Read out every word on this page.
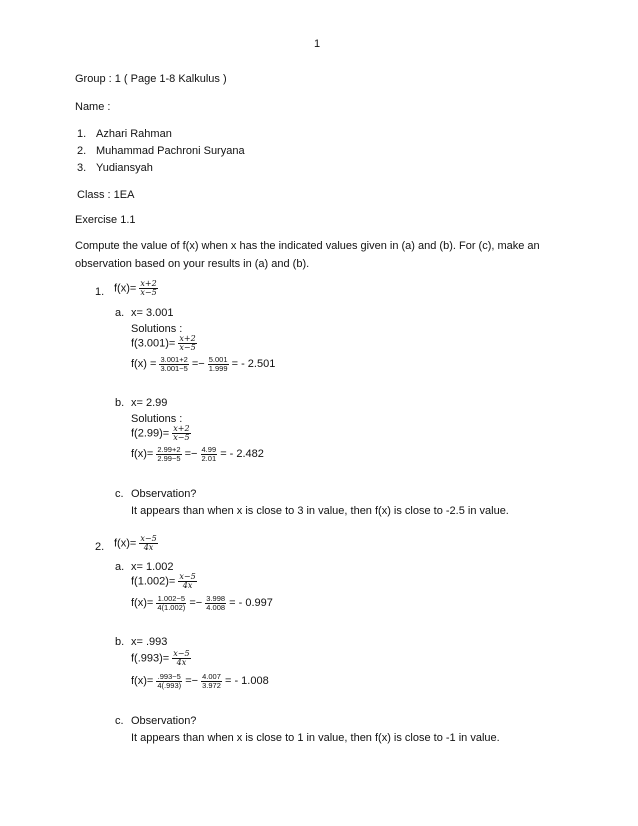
1
Group : 1 ( Page 1-8 Kalkulus )
Name :
1. Azhari Rahman
2. Muhammad Pachroni Suryana
3. Yudiansyah
Class : 1EA
Exercise 1.1
Compute the value of f(x) when x has the indicated values given in (a) and (b). For (c), make an
observation based on your results in (a) and (b).
1. $f(x)= \frac{x+2}{x-5}$
a. x= 3.001
Solutions :
$f(3.001)= \frac{x+2}{x-5}$
$f(x) = \frac{3.001+2}{3.001-5} =- \frac{5.001}{1.999}$ = - 2.501
b. x= 2.99
Solutions :
$f(2.99)= \frac{x+2}{x-5}$
$f(x)= \frac{2.99+2}{2.99-5} =- \frac{4.99}{2.01}$ = - 2.482
c. Observation?
It appears than when x is close to 3 in value, then f(x) is close to -2.5 in value.
2. $f(x)= \frac{x-5}{4x}$
a. x= 1.002
$f(1.002)= \frac{x-5}{4x}$
$f(x)= \frac{1.002-5}{4(1.002)} =- \frac{3.998}{4.008}$ = - 0.997
b. x= .993
$f(.993)= \frac{x-5}{4x}$
$f(x)= \frac{.993-5}{4(.993)} =- \frac{4.007}{3.972}$ = - 1.008
c. Observation?
It appears than when x is close to 1 in value, then f(x) is close to -1 in value.
